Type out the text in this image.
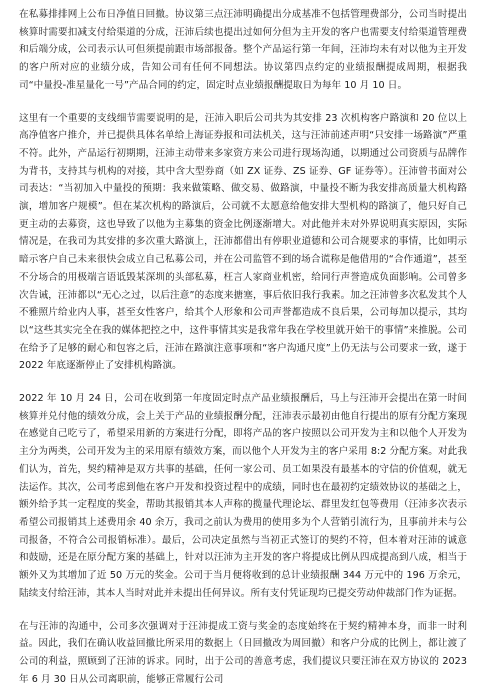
在私募排排网上公布日净值日回撤。协议第三点汪沛明确提出分成基准不包括管理费部分，公司当时提出核算时需要扣减支付给渠道的分成，汪沛后续也提出过如何分但为主开发的客户也需要支付给渠道管理费和后端分成，公司表示认可但须提前跟市场部报备。整个产品运行第一年间，汪沛均未有对以他为主开发的客户所对应的业绩分成，告知公司有任何不同想法。协议第四点约定的业绩报酬提成周期，根据我司“中量投-准星量化一号”产品合同的约定，固定时点业绩报酬提取日为每年 10 月 10 日。

这里有一个重要的支线细节需要说明的是，汪沛入职后公司共为其安排 23 次机构客户路演和 20 位以上高净值客户推介，并已提供具体名单给上海证券报和司法机关，这与汪沛前述声明“只安排一场路演”严重不符。此外，产品运行初期期，汪沛主动带来多家资方来公司进行现场沟通，以期通过公司资质与品牌作为背书，支持其与机构的对接，其中含大型券商（如 ZX 证券、ZS 证券、GF 证券等）。汪沛曾书面对公司表达：“当初加入中量投的预期：我来做策略、做交易、做路演，中量投不断为我安排高质量大机构路演，增加客户规模”。但在某次机构的路演后，公司就不太愿意给他安排大型机构的路演了，他只好自己更主动的去募资，这也导致了以他为主募集的资金比例逐渐增大。对此他并未对外界说明真实原因，实际情况是，在我司为其安排的多次重大路演上，汪沛都借出有停职业道德和公司合规要求的事情，比如明示暗示客户自己未来很快会成立自己私募公司，并在公司监管不到的场合谎称是他借用的“合作通道”，甚至不分场合的用极端言语诋毁某深圳的头部私募，枉言人家商业机密，给同行声誉造成负面影响。公司曾多次告诫，汪沛都以“无心之过，以后注意”的态度来搪塞，事后依旧我行我素。加之汪沛曾多次私发其个人不雅照片给业内人事，甚至女性客户，给其个人形象和公司声誉都造成不良后果，公司每加以提示，其均以“这些其实完全在我的媒体把控之中，这件事情其实是我常年我在学校里就开始干的事情”来推脱。公司在给予了足够的耐心和包容之后，汪沛在路演注意事项和“客户沟通尺度”上仍无法与公司要求一致，遂于 2022 年底逐渐停止了安排机构路演。

2022 年 10 月 24 日，公司在收到第一年度固定时点产品业绩报酬后，马上与汪沛开会提出在第一时间核算并兑付他的绩效分成，会上关于产品的业绩报酬分配，汪沛表示最初由他自行提出的原有分配方案现在感觉自己吃亏了，希望采用新的方案进行分配，即将产品的客户按照以公司开发为主和以他个人开发为主分为两类，公司开发为主的采用原有绩效方案，而以他个人开发为主的客户采用 8:2 分配方案。对此我们认为，首先，契约精神是双方共事的基础，任何一家公司、员工如果没有最基本的守信的价值观，就无法运作。其次，公司考虑到他在客户开发和投资过程中的成绩，同时也在最初约定绩效协议的基础之上，额外给予其一定程度的奖金，帮助其报销其本人声称的揽量代理论坛、群里发红包等费用（汪沛多次表示希望公司报销其上述费用余 40 余万，我司之前认为费用的使用多为个人营销引流行为，且事前并未与公司报备，不符合公司报销标准）。最后，公司决定虽然与当初正式签订的契约不符，但本着对汪沛的诚意和鼓励，还是在原分配方案的基础上，针对以汪沛为主开发的客户将提成比例从四成提高到八成，相当于额外又为其增加了近 50 万元的奖金。公司于当月便将收到的总计业绩报酬 344 万元中的 196 万余元，陆续支付给汪沛，其本人当时对此并未提出任何异议。所有支付凭证现均已提交劳动仲裁部门作为证据。

在与汪沛的沟通中，公司多次强调对于汪沛提成工资与奖金的态度始终在于契约精神本身，而非一时利益。因此，我们在确认收益回撤比所采用的数据上（日回撤改为周回撤）和客户分成的比例上，都让渡了公司的利益，照顾到了汪沛的诉求。同时，出于公司的善意考虑，我们提议只要汪沛在双方协议的 2023 年 6 月 30 日从公司离职前，能够正常履行公司
